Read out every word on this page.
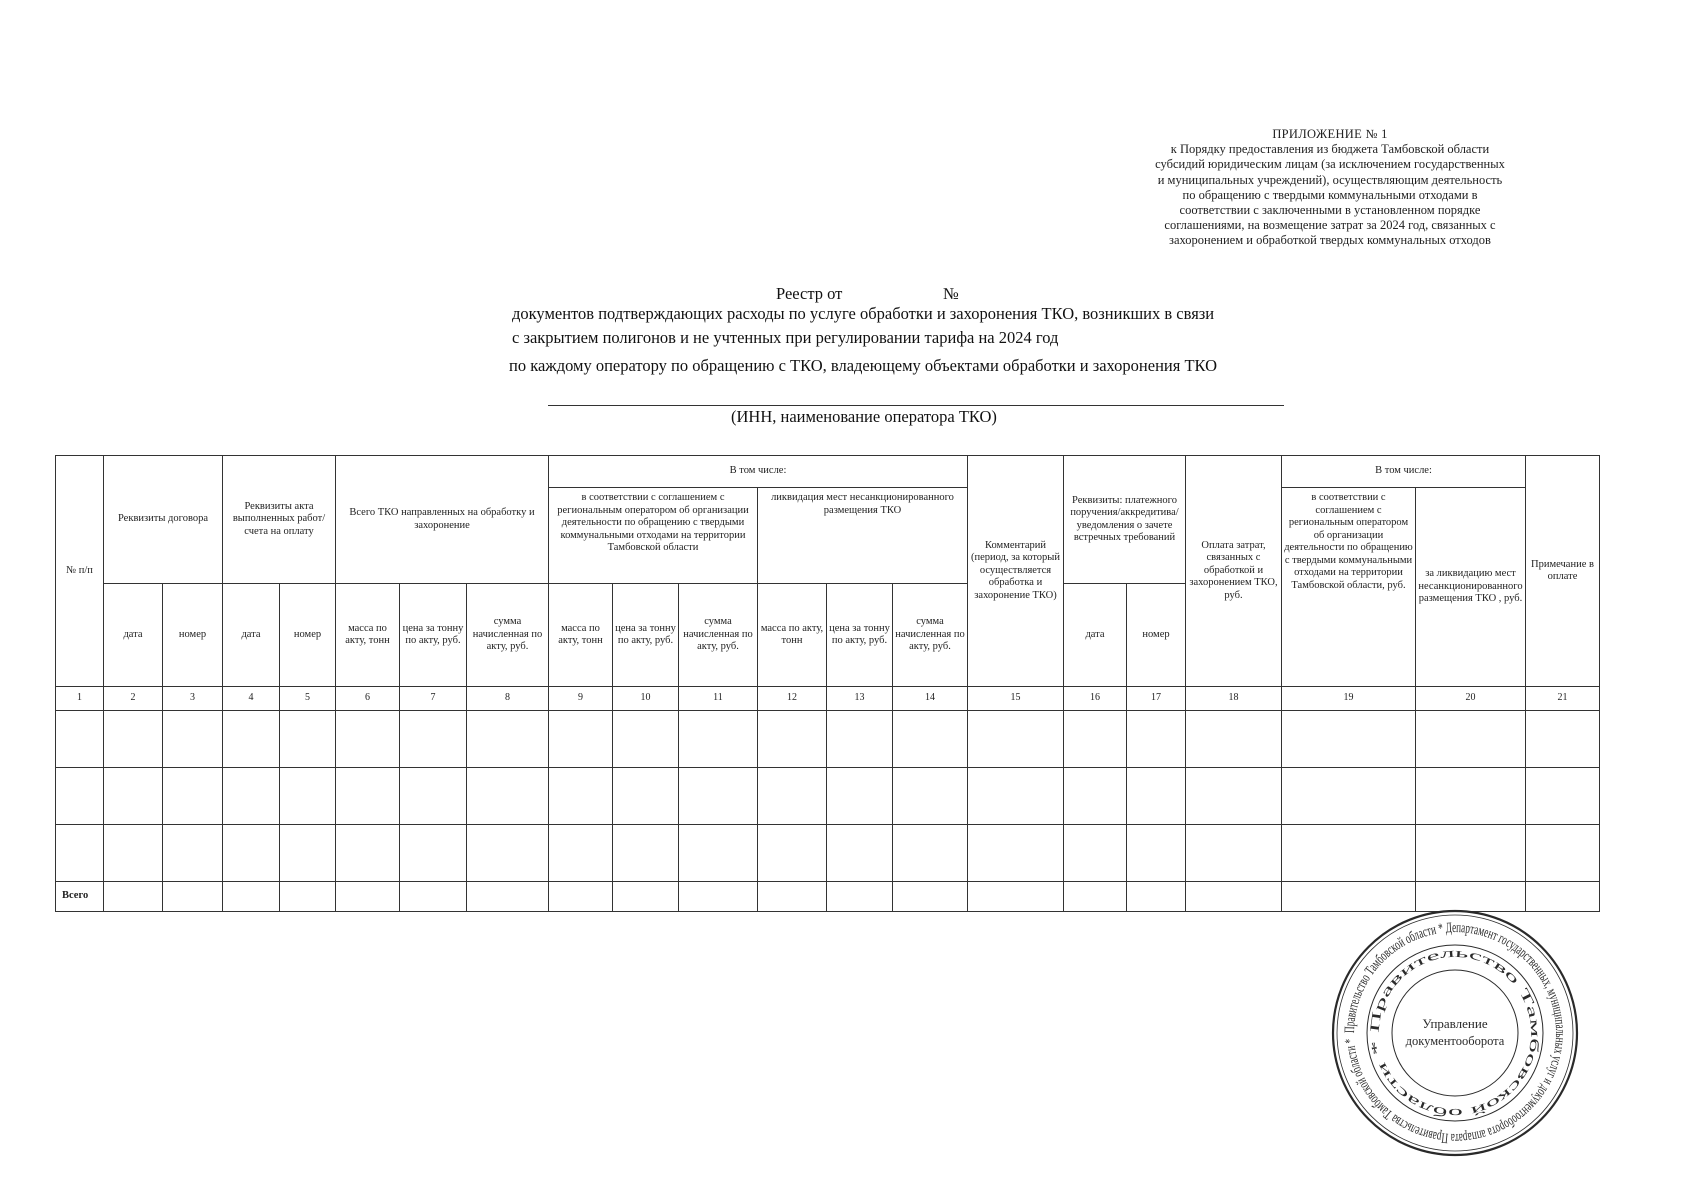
ПРИЛОЖЕНИЕ № 1
к Порядку предоставления из бюджета Тамбовской области
субсидий юридическим лицам (за исключением государственных
и муниципальных учреждений), осуществляющим деятельность
по обращению с твердыми коммунальными отходами в
соответствии с заключенными в установленном порядке
соглашениями, на возмещение затрат за 2024 год, связанных с
захоронением и обработкой твердых коммунальных отходов
Реестр от	№
документов подтверждающих расходы по услуге обработки и захоронения ТКО, возникших в связи
с закрытием полигонов и не учтенных при регулировании тарифа на 2024 год
по каждому оператору по обращению с ТКО, владеющему объектами обработки и захоронения ТКО
(ИНН, наименование оператора ТКО)
№ п/п	Реквизиты договора		Реквизиты акта выполненных работ/счета на оплату		Всего ТКО направленных на обработку и захоронение			В том числе:						Комментарий (период, за который осуществляется обработка и захоронение ТКО)	Реквизиты: платежного поручения/аккредитива/уведомления о зачете встречных требований		Оплата затрат, связанных с обработкой и захоронением ТКО, руб.	В том числе:		Примечание в оплате
								в соответствии с соглашением с региональным оператором об организации деятельности по обращению с твердыми коммунальными отходами на территории Тамбовской области			ликвидация мест несанкционированного размещения ТКО							в соответствии с соглашением с региональным оператором об организации деятельности по обращению с твердыми коммунальными отходами на территории Тамбовской области, руб.	за ликвидацию мест несанкционированного размещения ТКО , руб.	
	дата	номер	дата	номер	масса по акту, тонн	цена за тонну по акту, руб.	сумма начисленная по акту, руб.	масса по акту, тонн	цена за тонну по акту, руб.	сумма начисленная по акту, руб.	масса по акту, тонн	цена за тонну по акту, руб.	сумма начисленная по акту, руб.		дата	номер				
1	2	3	4	5	6	7	8	9	10	11	12	13	14	15	16	17	18	19	20	21

Всего																				
Правительство Тамбовской области * Департамент государственных, муниципальных услуг и документооборота аппарата Правительства Тамбовской области *
Правительство Тамбовской области *
Управление
документооборота
